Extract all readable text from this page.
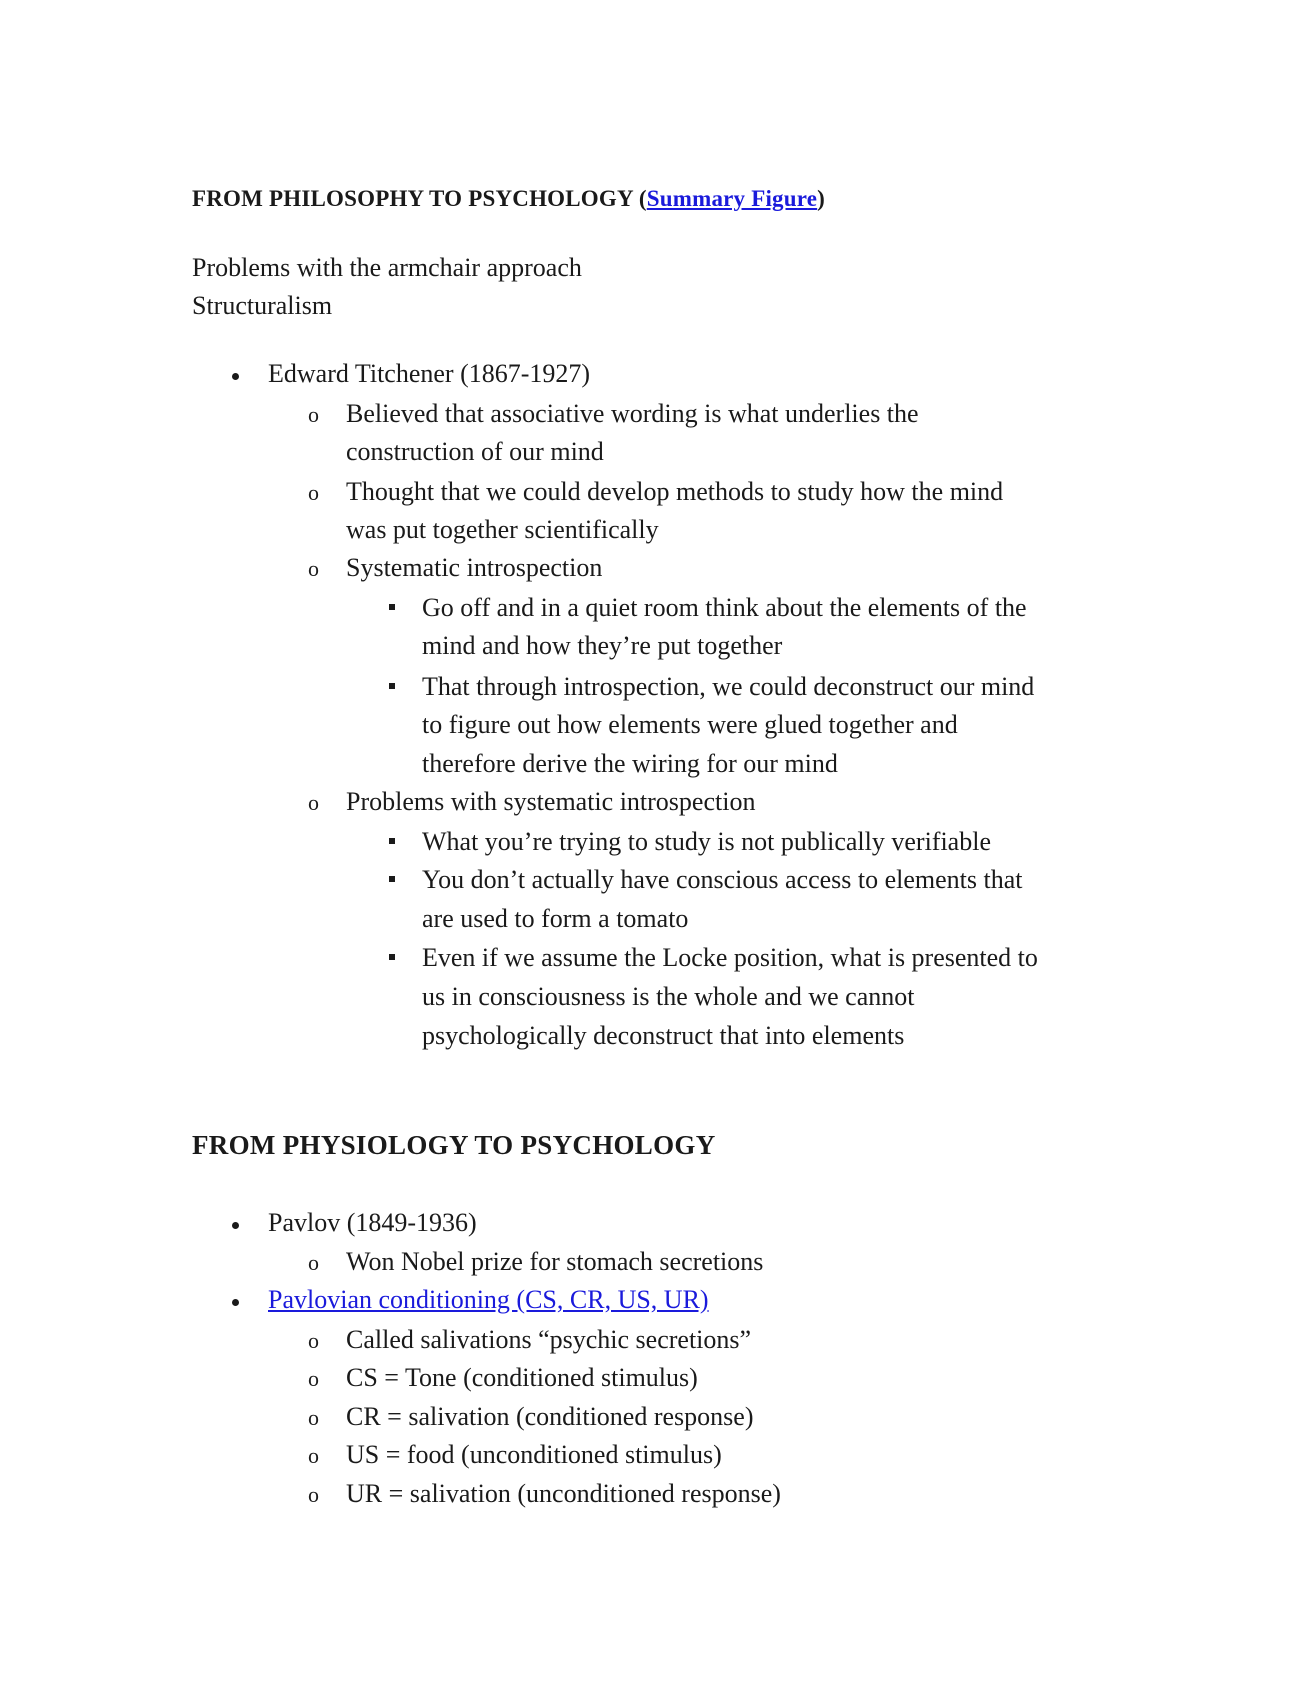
FROM PHILOSOPHY TO PSYCHOLOGY (Summary Figure)
Problems with the armchair approach
Structuralism
Edward Titchener (1867-1927)
o Believed that associative wording is what underlies the
construction of our mind
o Thought that we could develop methods to study how the mind
was put together scientifically
o Systematic introspection
Go off and in a quiet room think about the elements of the
mind and how they’re put together
That through introspection, we could deconstruct our mind
to figure out how elements were glued together and
therefore derive the wiring for our mind
o Problems with systematic introspection
What you’re trying to study is not publically verifiable
You don’t actually have conscious access to elements that
are used to form a tomato
Even if we assume the Locke position, what is presented to
us in consciousness is the whole and we cannot
psychologically deconstruct that into elements
FROM PHYSIOLOGY TO PSYCHOLOGY
Pavlov (1849-1936)
o Won Nobel prize for stomach secretions
Pavlovian conditioning (CS, CR, US, UR)
o Called salivations “psychic secretions”
o CS = Tone (conditioned stimulus)
o CR = salivation (conditioned response)
o US = food (unconditioned stimulus)
o UR = salivation (unconditioned response)
